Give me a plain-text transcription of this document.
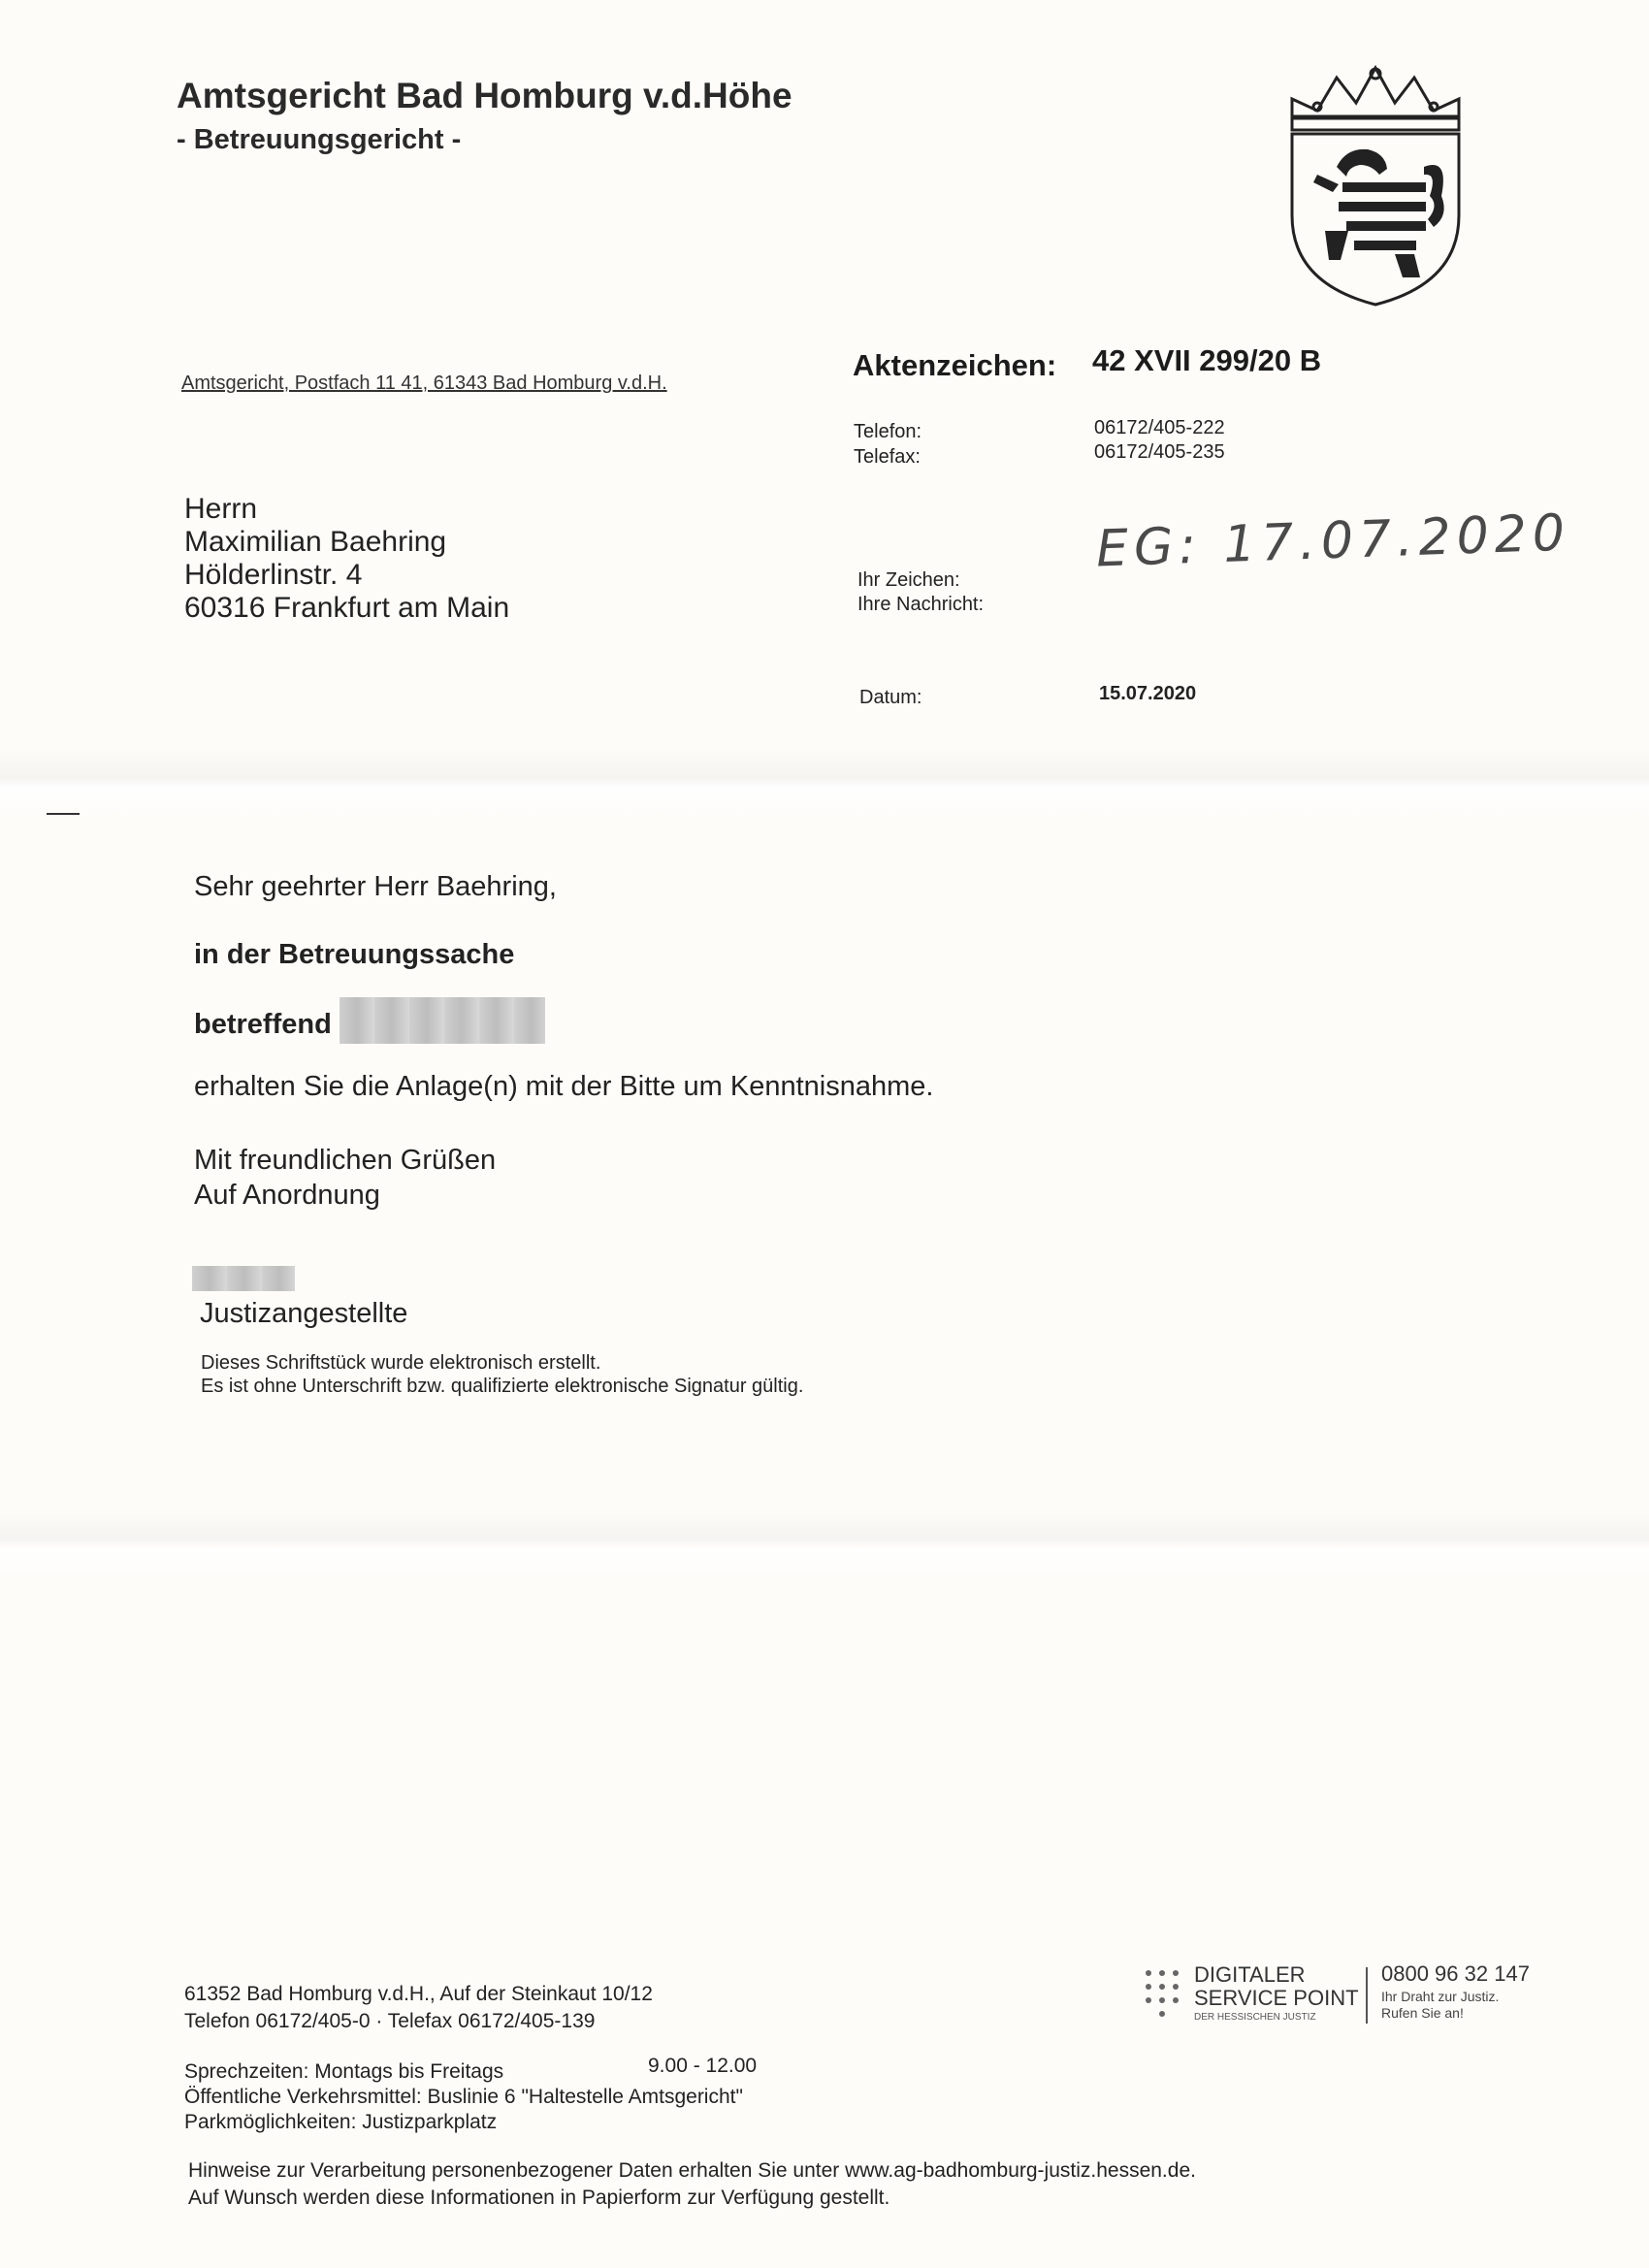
Amtsgericht Bad Homburg v.d.Höhe
- Betreuungsgericht -
Amtsgericht, Postfach 11 41, 61343 Bad Homburg v.d.H.
Aktenzeichen: 42 XVII 299/20 B
Telefon:	06172/405-222
Telefax:	06172/405-235
Ihr Zeichen:
Ihre Nachricht:
EG: 17.07.2020
Datum:	15.07.2020
Herrn
Maximilian Baehring
Hölderlinstr. 4
60316 Frankfurt am Main
Sehr geehrter Herr Baehring,
in der Betreuungssache
betreffend
erhalten Sie die Anlage(n) mit der Bitte um Kenntnisnahme.
Mit freundlichen Grüßen
Auf Anordnung
Justizangestellte
Dieses Schriftstück wurde elektronisch erstellt.
Es ist ohne Unterschrift bzw. qualifizierte elektronische Signatur gültig.
61352 Bad Homburg v.d.H., Auf der Steinkaut 10/12
Telefon 06172/405-0 · Telefax 06172/405-139
Sprechzeiten: Montags bis Freitags	9.00 - 12.00
Öffentliche Verkehrsmittel: Buslinie 6 "Haltestelle Amtsgericht"
Parkmöglichkeiten: Justizparkplatz
Hinweise zur Verarbeitung personenbezogener Daten erhalten Sie unter www.ag-badhomburg-justiz.hessen.de.
Auf Wunsch werden diese Informationen in Papierform zur Verfügung gestellt.
DIGITALER
SERVICE POINT
DER HESSISCHEN JUSTIZ
0800 96 32 147
Ihr Draht zur Justiz.
Rufen Sie an!
